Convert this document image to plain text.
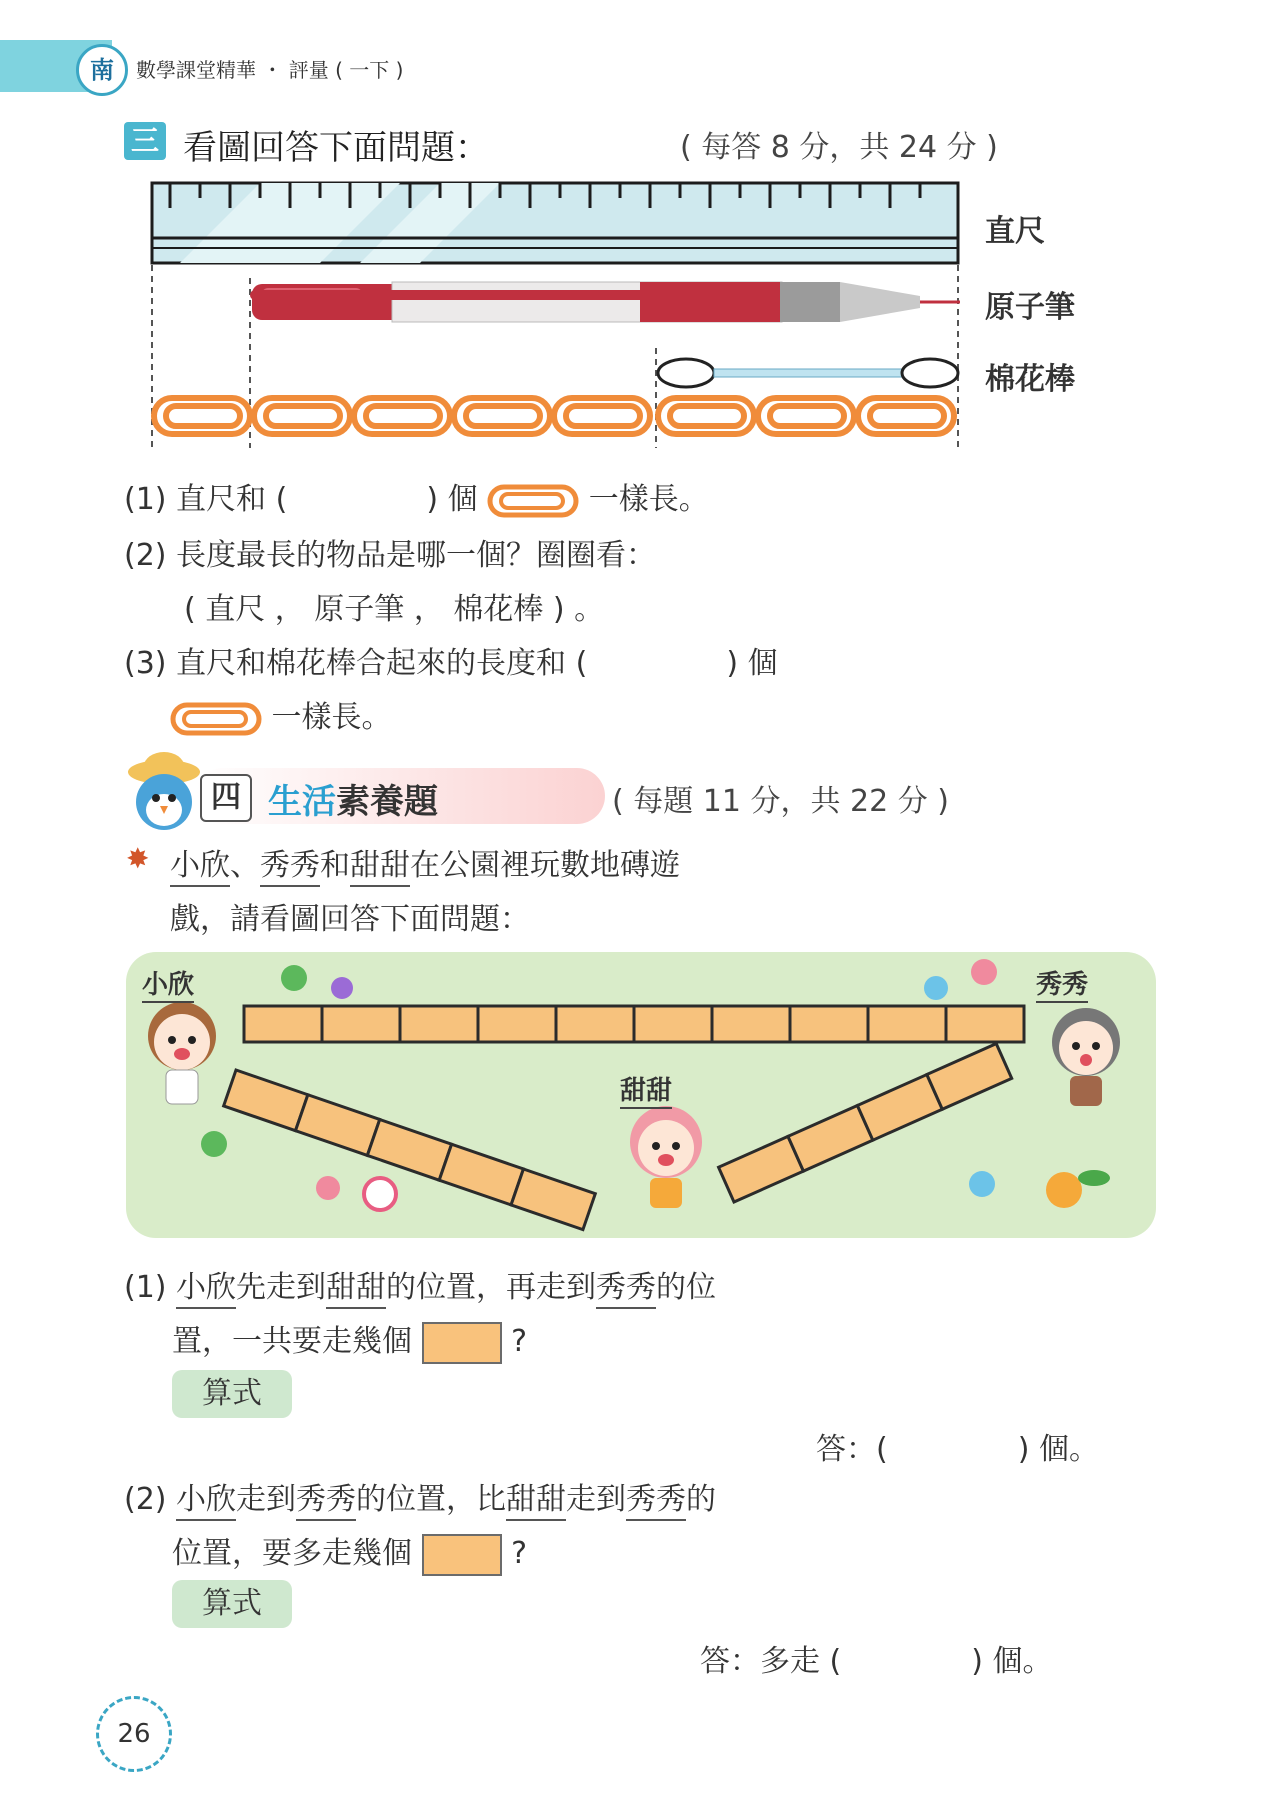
南	數學課堂精華 ・ 評量 ( 一下 )
三 看圖回答下面問題：	( 每答 8 分，共 24 分 )
直尺
原子筆
棉花棒
(1) 直尺和 (	) 個	一樣長。
(2) 長度最長的物品是哪一個？圈圈看：
( 直尺 ， 原子筆 ， 棉花棒 ) 。
(3) 直尺和棉花棒合起來的長度和 (	) 個
一樣長。
四 生活素養題	( 每題 11 分，共 22 分 )
✸ 小欣、秀秀和甜甜在公園裡玩數地磚遊
戲，請看圖回答下面問題：
小欣	秀秀
甜甜
(1) 小欣先走到甜甜的位置，再走到秀秀的位
置，一共要走幾個	?
算式
答：(	) 個。
(2) 小欣走到秀秀的位置，比甜甜走到秀秀的
位置，要多走幾個	?
算式
答：多走 (	) 個。
26
